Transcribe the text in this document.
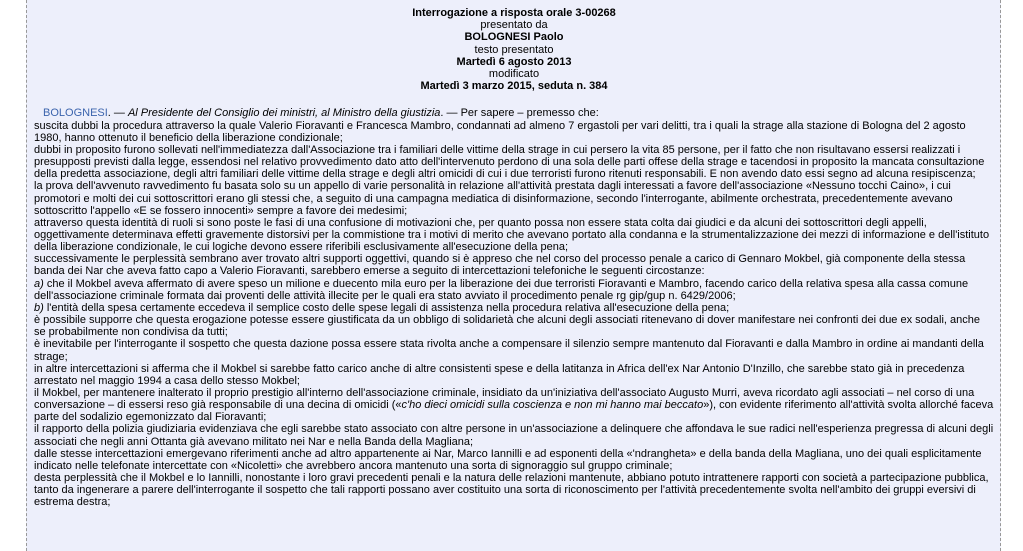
Interrogazione a risposta orale 3-00268
presentato da
BOLOGNESI Paolo
testo presentato
Martedì 6 agosto 2013
modificato
Martedì 3 marzo 2015, seduta n. 384

BOLOGNESI. — Al Presidente del Consiglio dei ministri, al Ministro della giustizia. — Per sapere – premesso che:

suscita dubbi la procedura attraverso la quale Valerio Fioravanti e Francesca Mambro, condannati ad almeno 7 ergastoli per vari delitti, tra i quali la strage alla stazione di Bologna del 2 agosto 1980, hanno ottenuto il beneficio della liberazione condizionale;

dubbi in proposito furono sollevati nell'immediatezza dall'Associazione tra i familiari delle vittime della strage in cui persero la vita 85 persone, per il fatto che non risultavano essersi realizzati i presupposti previsti dalla legge, essendosi nel relativo provvedimento dato atto dell'intervenuto perdono di una sola delle parti offese della strage e tacendosi in proposito la mancata consultazione della predetta associazione, degli altri familiari delle vittime della strage e degli altri omicidi di cui i due terroristi furono ritenuti responsabili. E non avendo dato essi segno ad alcuna resipiscenza;

la prova dell'avvenuto ravvedimento fu basata solo su un appello di varie personalità in relazione all'attività prestata dagli interessati a favore dell'associazione «Nessuno tocchi Caino», i cui promotori e molti dei cui sottoscrittori erano gli stessi che, a seguito di una campagna mediatica di disinformazione, secondo l'interrogante, abilmente orchestrata, precedentemente avevano sottoscritto l'appello «E se fossero innocenti» sempre a favore dei medesimi;

attraverso questa identità di ruoli si sono poste le fasi di una confusione di motivazioni che, per quanto possa non essere stata colta dai giudici e da alcuni dei sottoscrittori degli appelli, oggettivamente determinava effetti gravemente distorsivi per la commistione tra i motivi di merito che avevano portato alla condanna e la strumentalizzazione dei mezzi di informazione e dell'istituto della liberazione condizionale, le cui logiche devono essere riferibili esclusivamente all'esecuzione della pena;

successivamente le perplessità sembrano aver trovato altri supporti oggettivi, quando si è appreso che nel corso del processo penale a carico di Gennaro Mokbel, già componente della stessa banda dei Nar che aveva fatto capo a Valerio Fioravanti, sarebbero emerse a seguito di intercettazioni telefoniche le seguenti circostanze:

a) che il Mokbel aveva affermato di avere speso un milione e duecento mila euro per la liberazione dei due terroristi Fioravanti e Mambro, facendo carico della relativa spesa alla cassa comune dell'associazione criminale formata dai proventi delle attività illecite per le quali era stato avviato il procedimento penale rg gip/gup n. 6429/2006;

b) l'entità della spesa certamente eccedeva il semplice costo delle spese legali di assistenza nella procedura relativa all'esecuzione della pena;

è possibile supporre che questa erogazione potesse essere giustificata da un obbligo di solidarietà che alcuni degli associati ritenevano di dover manifestare nei confronti dei due ex sodali, anche se probabilmente non condivisa da tutti;

è inevitabile per l'interrogante il sospetto che questa dazione possa essere stata rivolta anche a compensare il silenzio sempre mantenuto dal Fioravanti e dalla Mambro in ordine ai mandanti della strage;

in altre intercettazioni si afferma che il Mokbel si sarebbe fatto carico anche di altre consistenti spese e della latitanza in Africa dell'ex Nar Antonio D'Inzillo, che sarebbe stato già in precedenza arrestato nel maggio 1994 a casa dello stesso Mokbel;

il Mokbel, per mantenere inalterato il proprio prestigio all'interno dell'associazione criminale, insidiato da un'iniziativa dell'associato Augusto Murri, aveva ricordato agli associati – nel corso di una conversazione – di essersi reso già responsabile di una decina di omicidi («c'ho dieci omicidi sulla coscienza e non mi hanno mai beccato»), con evidente riferimento all'attività svolta allorché faceva parte del sodalizio egemonizzato dal Fioravanti;

il rapporto della polizia giudiziaria evidenziava che egli sarebbe stato associato con altre persone in un'associazione a delinquere che affondava le sue radici nell'esperienza pregressa di alcuni degli associati che negli anni Ottanta già avevano militato nei Nar e nella Banda della Magliana;

dalle stesse intercettazioni emergevano riferimenti anche ad altro appartenente ai Nar, Marco Iannilli e ad esponenti della «'ndrangheta» e della banda della Magliana, uno dei quali esplicitamente indicato nelle telefonate intercettate con «Nicoletti» che avrebbero ancora mantenuto una sorta di signoraggio sul gruppo criminale;

desta perplessità che il Mokbel e lo Iannilli, nonostante i loro gravi precedenti penali e la natura delle relazioni mantenute, abbiano potuto intrattenere rapporti con società a partecipazione pubblica, tanto da ingenerare a parere dell'interrogante il sospetto che tali rapporti possano aver costituito una sorta di riconoscimento per l'attività precedentemente svolta nell'ambito dei gruppi eversivi di estrema destra;
